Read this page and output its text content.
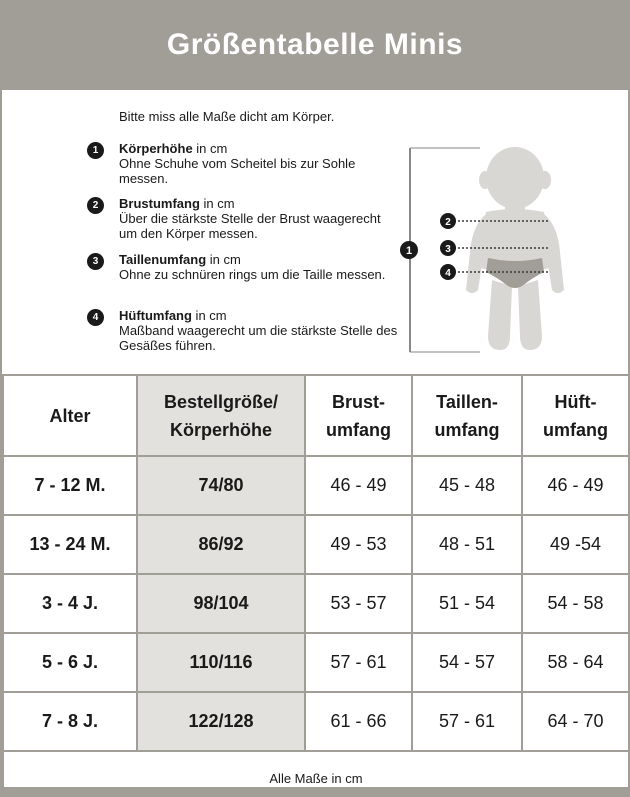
Größentabelle Minis

Bitte miss alle Maße dicht am Körper.

1	Körperhöhe in cm
Ohne Schuhe vom Scheitel bis zur Sohle messen.
2	Brustumfang in cm
Über die stärkste Stelle der Brust waagerecht um den Körper messen.
3	Taillenumfang in cm
Ohne zu schnüren rings um die Taille messen.
4	Hüftumfang in cm
Maßband waagerecht um die stärkste Stelle des Gesäßes führen.
1
2
3
4
Alter	Bestellgröße/ Körperhöhe	Brust- umfang	Taillen- umfang	Hüft- umfang
7 - 12 M.	74/80	46 - 49	45 - 48	46 - 49
13 - 24 M.	86/92	49 - 53	48 - 51	49 -54
3 - 4 J.	98/104	53 - 57	51 - 54	54 - 58
5 - 6 J.	110/116	57 - 61	54 - 57	58 - 64
7 - 8 J.	122/128	61 - 66	57 - 61	64 - 70
Alle Maße in cm				
